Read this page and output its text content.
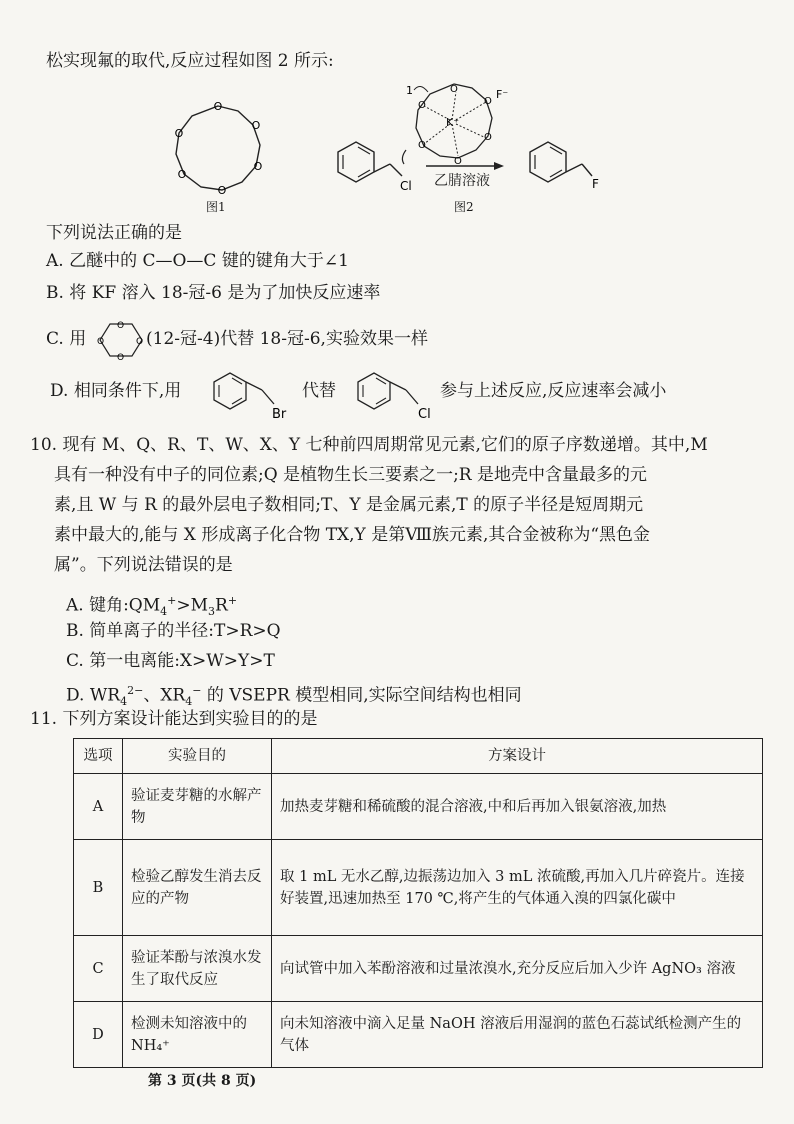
松实现氟的取代,反应过程如图 2 所示:
O
O
O
O
O
O
图1
Cl
O
O
O
O
O
O
K⁺
F⁻
1
乙腈溶液
图2
F
下列说法正确的是
A. 乙醚中的 C—O—C 键的键角大于∠1
B. 将 KF 溶入 18-冠-6 是为了加快反应速率
C. 用
O
O
O
O (12-冠-4)代替 18-冠-6,实验效果一样
D. 相同条件下,用
Br
代替
Cl
参与上述反应,反应速率会减小
10. 现有 M、Q、R、T、W、X、Y 七种前四周期常见元素,它们的原子序数递增。其中,M
具有一种没有中子的同位素;Q 是植物生长三要素之一;R 是地壳中含量最多的元
素,且 W 与 R 的最外层电子数相同;T、Y 是金属元素,T 的原子半径是短周期元
素中最大的,能与 X 形成离子化合物 TX,Y 是第Ⅷ族元素,其合金被称为“黑色金
属”。下列说法错误的是
A. 键角$:QM_4^+>M_3R^+$
B. 简单离子的半径:T>R>Q
C. 第一电离能:X>W>Y>T
D. $WR_4^{2-}$、$XR_4^-$ 的 VSEPR 模型相同,实际空间结构也相同
11. 下列方案设计能达到实验目的的是
选项	实验目的	方案设计
A	验证麦芽糖的水解产物	加热麦芽糖和稀硫酸的混合溶液,中和后再加入银氨溶液,加热
B	检验乙醇发生消去反应的产物	取 1 mL 无水乙醇,边振荡边加入 3 mL 浓硫酸,再加入几片碎瓷片。连接好装置,迅速加热至 170 ℃,将产生的气体通入溴的四氯化碳中
C	验证苯酚与浓溴水发生了取代反应	向试管中加入苯酚溶液和过量浓溴水,充分反应后加入少许 AgNO₃ 溶液
D	检测未知溶液中的 NH₄⁺	向未知溶液中滴入足量 NaOH 溶液后用湿润的蓝色石蕊试纸检测产生的气体
第 3 页(共 8 页)
